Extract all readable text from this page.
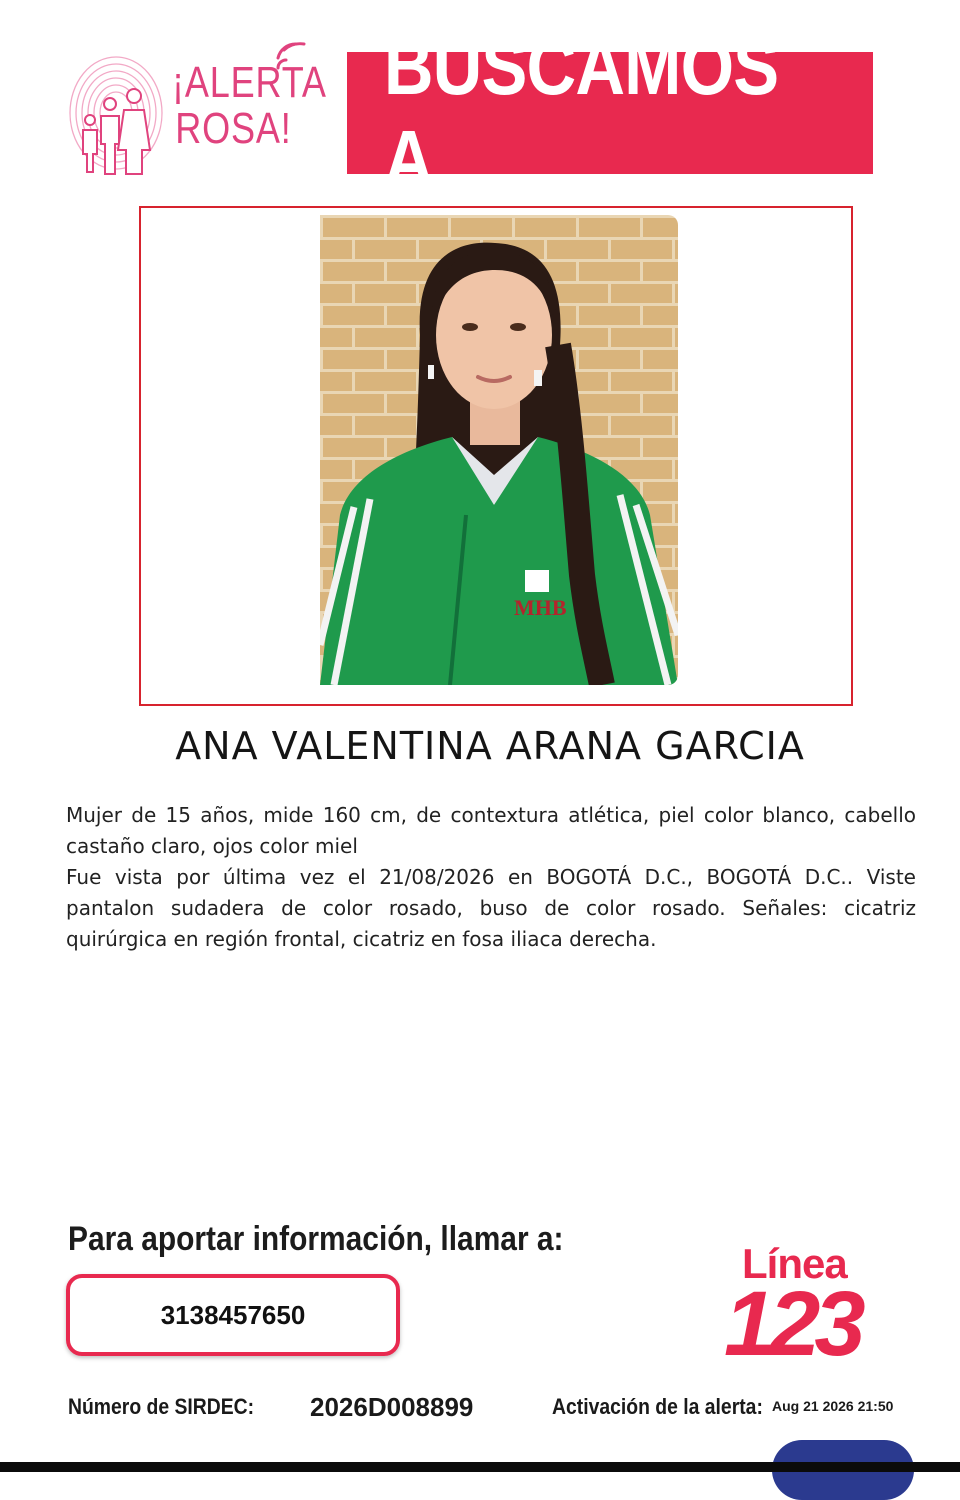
¡ALERTA
ROSA!
BUSCAMOS A
MHB
ANA VALENTINA ARANA GARCIA

Mujer de 15 años, mide 160 cm, de contextura atlética, piel color blanco, cabello castaño claro, ojos color miel

Fue vista por última vez el 21/08/2026 en BOGOTÁ D.C., BOGOTÁ D.C.. Viste pantalon sudadera de color rosado, buso de color rosado. Señales: cicatriz quirúrgica en región frontal, cicatriz en fosa iliaca derecha.

Para aportar información, llamar a:
3138457650
Línea
123
Número de SIRDEC: 2026D008899	Activación de la alerta: Aug 21 2026 21:50
